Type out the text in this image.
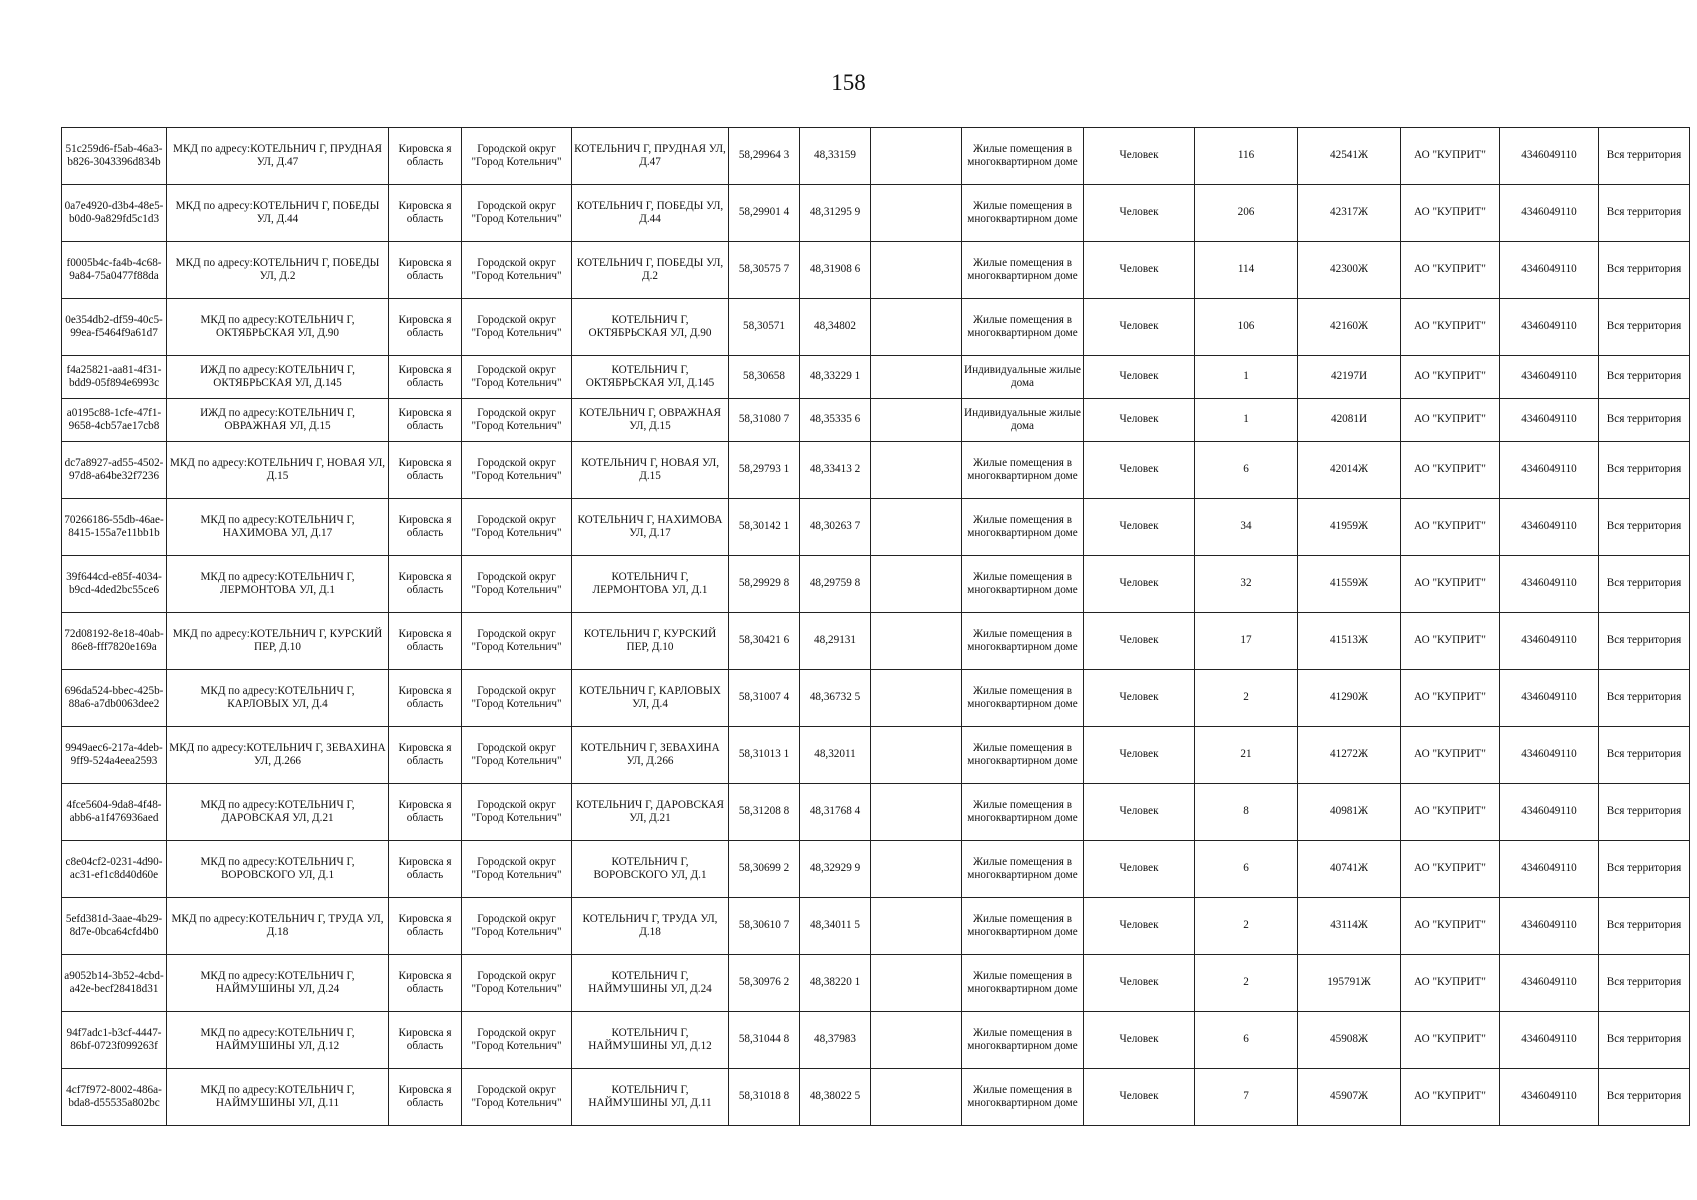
158
51c259d6-f5ab-46a3-b826-3043396d834b	МКД по адресу:КОТЕЛЬНИЧ Г, ПРУДНАЯ УЛ, Д.47	Кировска я область	Городской округ "Город Котельнич"	КОТЕЛЬНИЧ Г, ПРУДНАЯ УЛ, Д.47	58,29964 3	48,33159		Жилые помещения в многоквартирном доме	Человек	116	42541Ж	АО "КУПРИТ"	4346049110	Вся территория
0a7e4920-d3b4-48e5-b0d0-9a829fd5c1d3	МКД по адресу:КОТЕЛЬНИЧ Г, ПОБЕДЫ УЛ, Д.44	Кировска я область	Городской округ "Город Котельнич"	КОТЕЛЬНИЧ Г, ПОБЕДЫ УЛ, Д.44	58,29901 4	48,31295 9		Жилые помещения в многоквартирном доме	Человек	206	42317Ж	АО "КУПРИТ"	4346049110	Вся территория
f0005b4c-fa4b-4c68-9a84-75a0477f88da	МКД по адресу:КОТЕЛЬНИЧ Г, ПОБЕДЫ УЛ, Д.2	Кировска я область	Городской округ "Город Котельнич"	КОТЕЛЬНИЧ Г, ПОБЕДЫ УЛ, Д.2	58,30575 7	48,31908 6		Жилые помещения в многоквартирном доме	Человек	114	42300Ж	АО "КУПРИТ"	4346049110	Вся территория
0e354db2-df59-40c5-99ea-f5464f9a61d7	МКД по адресу:КОТЕЛЬНИЧ Г, ОКТЯБРЬСКАЯ УЛ, Д.90	Кировска я область	Городской округ "Город Котельнич"	КОТЕЛЬНИЧ Г, ОКТЯБРЬСКАЯ УЛ, Д.90	58,30571	48,34802		Жилые помещения в многоквартирном доме	Человек	106	42160Ж	АО "КУПРИТ"	4346049110	Вся территория
f4a25821-aa81-4f31-bdd9-05f894e6993c	ИЖД по адресу:КОТЕЛЬНИЧ Г, ОКТЯБРЬСКАЯ УЛ, Д.145	Кировска я область	Городской округ "Город Котельнич"	КОТЕЛЬНИЧ Г, ОКТЯБРЬСКАЯ УЛ, Д.145	58,30658	48,33229 1		Индивидуальные жилые дома	Человек	1	42197И	АО "КУПРИТ"	4346049110	Вся территория
a0195c88-1cfe-47f1-9658-4cb57ae17cb8	ИЖД по адресу:КОТЕЛЬНИЧ Г, ОВРАЖНАЯ УЛ, Д.15	Кировска я область	Городской округ "Город Котельнич"	КОТЕЛЬНИЧ Г, ОВРАЖНАЯ УЛ, Д.15	58,31080 7	48,35335 6		Индивидуальные жилые дома	Человек	1	42081И	АО "КУПРИТ"	4346049110	Вся территория
dc7a8927-ad55-4502-97d8-a64be32f7236	МКД по адресу:КОТЕЛЬНИЧ Г, НОВАЯ УЛ, Д.15	Кировска я область	Городской округ "Город Котельнич"	КОТЕЛЬНИЧ Г, НОВАЯ УЛ, Д.15	58,29793 1	48,33413 2		Жилые помещения в многоквартирном доме	Человек	6	42014Ж	АО "КУПРИТ"	4346049110	Вся территория
70266186-55db-46ae-8415-155a7e11bb1b	МКД по адресу:КОТЕЛЬНИЧ Г, НАХИМОВА УЛ, Д.17	Кировска я область	Городской округ "Город Котельнич"	КОТЕЛЬНИЧ Г, НАХИМОВА УЛ, Д.17	58,30142 1	48,30263 7		Жилые помещения в многоквартирном доме	Человек	34	41959Ж	АО "КУПРИТ"	4346049110	Вся территория
39f644cd-e85f-4034-b9cd-4ded2bc55ce6	МКД по адресу:КОТЕЛЬНИЧ Г, ЛЕРМОНТОВА УЛ, Д.1	Кировска я область	Городской округ "Город Котельнич"	КОТЕЛЬНИЧ Г, ЛЕРМОНТОВА УЛ, Д.1	58,29929 8	48,29759 8		Жилые помещения в многоквартирном доме	Человек	32	41559Ж	АО "КУПРИТ"	4346049110	Вся территория
72d08192-8e18-40ab-86e8-fff7820e169a	МКД по адресу:КОТЕЛЬНИЧ Г, КУРСКИЙ ПЕР, Д.10	Кировска я область	Городской округ "Город Котельнич"	КОТЕЛЬНИЧ Г, КУРСКИЙ ПЕР, Д.10	58,30421 6	48,29131		Жилые помещения в многоквартирном доме	Человек	17	41513Ж	АО "КУПРИТ"	4346049110	Вся территория
696da524-bbec-425b-88a6-a7db0063dee2	МКД по адресу:КОТЕЛЬНИЧ Г, КАРЛОВЫХ УЛ, Д.4	Кировска я область	Городской округ "Город Котельнич"	КОТЕЛЬНИЧ Г, КАРЛОВЫХ УЛ, Д.4	58,31007 4	48,36732 5		Жилые помещения в многоквартирном доме	Человек	2	41290Ж	АО "КУПРИТ"	4346049110	Вся территория
9949aec6-217a-4deb-9ff9-524a4eea2593	МКД по адресу:КОТЕЛЬНИЧ Г, ЗЕВАХИНА УЛ, Д.266	Кировска я область	Городской округ "Город Котельнич"	КОТЕЛЬНИЧ Г, ЗЕВАХИНА УЛ, Д.266	58,31013 1	48,32011		Жилые помещения в многоквартирном доме	Человек	21	41272Ж	АО "КУПРИТ"	4346049110	Вся территория
4fce5604-9da8-4f48-abb6-a1f476936aed	МКД по адресу:КОТЕЛЬНИЧ Г, ДАРОВСКАЯ УЛ, Д.21	Кировска я область	Городской округ "Город Котельнич"	КОТЕЛЬНИЧ Г, ДАРОВСКАЯ УЛ, Д.21	58,31208 8	48,31768 4		Жилые помещения в многоквартирном доме	Человек	8	40981Ж	АО "КУПРИТ"	4346049110	Вся территория
c8e04cf2-0231-4d90-ac31-ef1c8d40d60e	МКД по адресу:КОТЕЛЬНИЧ Г, ВОРОВСКОГО УЛ, Д.1	Кировска я область	Городской округ "Город Котельнич"	КОТЕЛЬНИЧ Г, ВОРОВСКОГО УЛ, Д.1	58,30699 2	48,32929 9		Жилые помещения в многоквартирном доме	Человек	6	40741Ж	АО "КУПРИТ"	4346049110	Вся территория
5efd381d-3aae-4b29-8d7e-0bca64cfd4b0	МКД по адресу:КОТЕЛЬНИЧ Г, ТРУДА УЛ, Д.18	Кировска я область	Городской округ "Город Котельнич"	КОТЕЛЬНИЧ Г, ТРУДА УЛ, Д.18	58,30610 7	48,34011 5		Жилые помещения в многоквартирном доме	Человек	2	43114Ж	АО "КУПРИТ"	4346049110	Вся территория
a9052b14-3b52-4cbd-a42e-becf28418d31	МКД по адресу:КОТЕЛЬНИЧ Г, НАЙМУШИНЫ УЛ, Д.24	Кировска я область	Городской округ "Город Котельнич"	КОТЕЛЬНИЧ Г, НАЙМУШИНЫ УЛ, Д.24	58,30976 2	48,38220 1		Жилые помещения в многоквартирном доме	Человек	2	195791Ж	АО "КУПРИТ"	4346049110	Вся территория
94f7adc1-b3cf-4447-86bf-0723f099263f	МКД по адресу:КОТЕЛЬНИЧ Г, НАЙМУШИНЫ УЛ, Д.12	Кировска я область	Городской округ "Город Котельнич"	КОТЕЛЬНИЧ Г, НАЙМУШИНЫ УЛ, Д.12	58,31044 8	48,37983		Жилые помещения в многоквартирном доме	Человек	6	45908Ж	АО "КУПРИТ"	4346049110	Вся территория
4cf7f972-8002-486a-bda8-d55535a802bc	МКД по адресу:КОТЕЛЬНИЧ Г, НАЙМУШИНЫ УЛ, Д.11	Кировска я область	Городской округ "Город Котельнич"	КОТЕЛЬНИЧ Г, НАЙМУШИНЫ УЛ, Д.11	58,31018 8	48,38022 5		Жилые помещения в многоквартирном доме	Человек	7	45907Ж	АО "КУПРИТ"	4346049110	Вся территория
